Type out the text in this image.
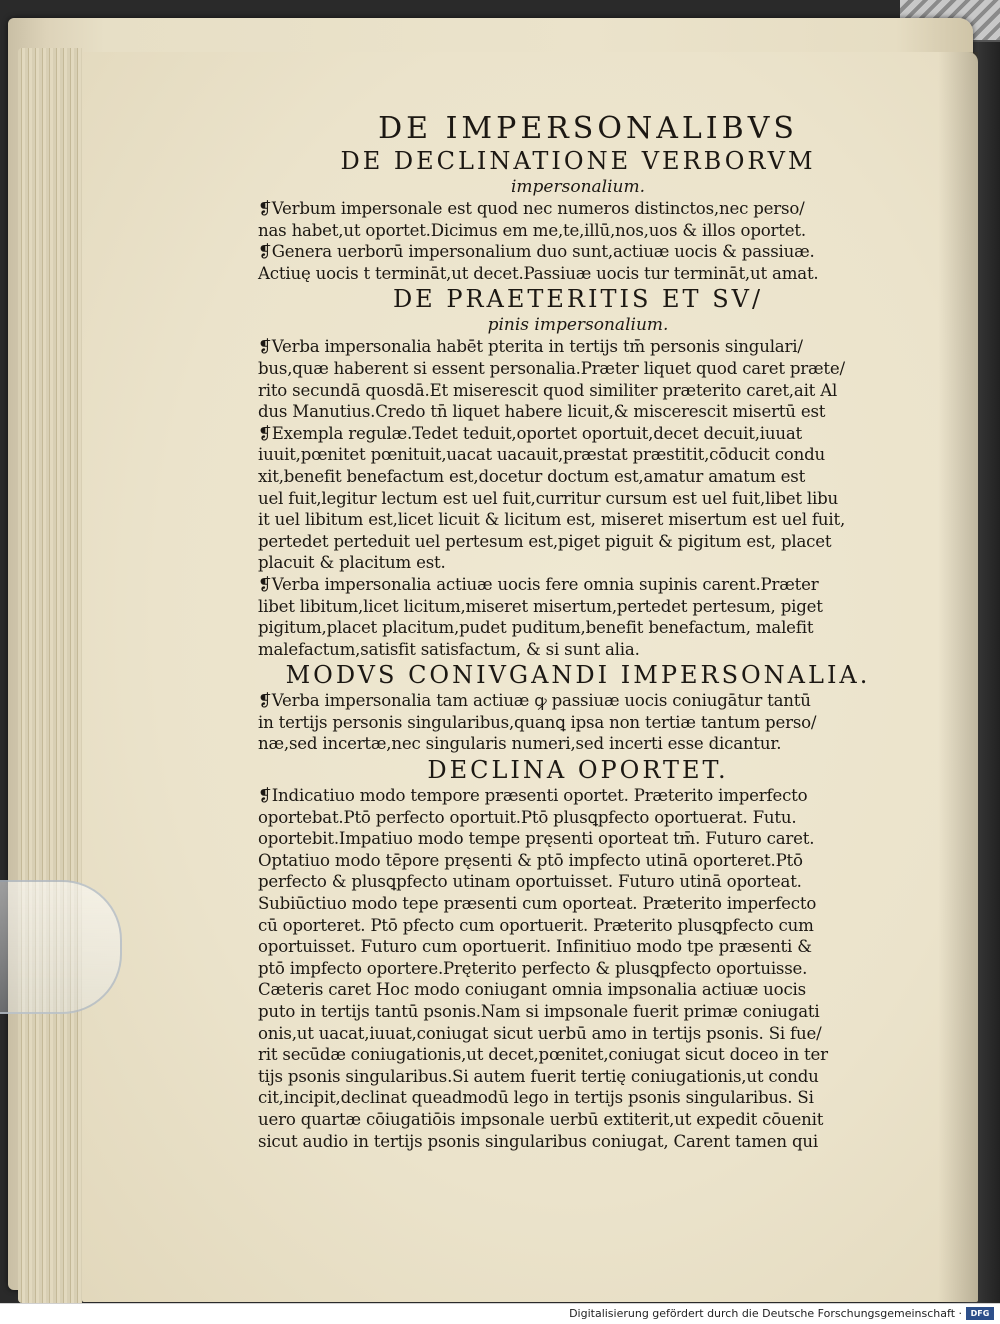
DE IMPERSONALIBVS
DE DECLINATIONE VERBORVM
impersonalium.
❡Verbum impersonale est quod nec numeros distinctos,nec perso/
nas habet,ut oportet.Dicimus em me,te,illū,nos,uos & illos oportet.
❡Genera uerborū impersonalium duo sunt,actiuæ uocis & passiuæ.
Actiuę uocis t termināt,ut decet.Passiuæ uocis tur termināt,ut amat.
DE PRAETERITIS ET SV/
pinis impersonalium.
❡Verba impersonalia habēt pterita in tertijs tm̄ personis singulari/
bus,quæ haberent si essent personalia.Præter liquet quod caret præte/
rito secundā quosdā.Et miserescit quod similiter præterito caret,ait Al
dus Manutius.Credo tn̄ liquet habere licuit,& miscerescit misertū est
❡Exempla regulæ.Tedet teduit,oportet oportuit,decet decuit,iuuat
iuuit,pœnitet pœnituit,uacat uacauit,præstat præstitit,cōducit condu
xit,benefit benefactum est,docetur doctum est,amatur amatum est
uel fuit,legitur lectum est uel fuit,curritur cursum est uel fuit,libet libu
it uel libitum est,licet licuit & licitum est, miseret misertum est uel fuit,
pertedet perteduit uel pertesum est,piget piguit & pigitum est, placet
placuit & placitum est.
❡Verba impersonalia actiuæ uocis fere omnia supinis carent.Præter
libet libitum,licet licitum,miseret misertum,pertedet pertesum, piget
pigitum,placet placitum,pudet puditum,benefit benefactum, malefit
malefactum,satisfit satisfactum, & si sunt alia.
MODVS CONIVGANDI IMPERSONALIA.
❡Verba impersonalia tam actiuæ ꝙ passiuæ uocis coniugātur tantū
in tertijs personis singularibus,quanꝗ ipsa non tertiæ tantum perso/
næ,sed incertæ,nec singularis numeri,sed incerti esse dicantur.
DECLINA OPORTET.
❡Indicatiuo modo tempore præsenti oportet. Præterito imperfecto
oportebat.Ptō perfecto oportuit.Ptō plusꝗpfecto oportuerat. Futu.
oportebit.Impatiuo modo tempe pręsenti oporteat tm̄. Futuro caret.
Optatiuo modo tēpore pręsenti & ptō impfecto utinā oporteret.Ptō
perfecto & plusꝗpfecto utinam oportuisset. Futuro utinā oporteat.
Subiūctiuo modo tepe præsenti cum oporteat. Præterito imperfecto
cū oporteret. Ptō pfecto cum oportuerit. Præterito plusꝗpfecto cum
oportuisset. Futuro cum oportuerit. Infinitiuo modo tpe præsenti &
ptō impfecto oportere.Pręterito perfecto & plusꝗpfecto oportuisse.
Cæteris caret Hoc modo coniugant omnia impsonalia actiuæ uocis
puto in tertijs tantū psonis.Nam si impsonale fuerit primæ coniugati
onis,ut uacat,iuuat,coniugat sicut uerbū amo in tertijs psonis. Si fue/
rit secūdæ coniugationis,ut decet,pœnitet,coniugat sicut doceo in ter
tijs psonis singularibus.Si autem fuerit tertię coniugationis,ut condu
cit,incipit,declinat queadmodū lego in tertijs psonis singularibus. Si
uero quartæ cōiugatiōis impsonale uerbū extiterit,ut expedit cōuenit
sicut audio in tertijs psonis singularibus coniugat, Carent tamen qui
Digitalisierung gefördert durch die Deutsche Forschungsgemeinschaft ·	DFG
